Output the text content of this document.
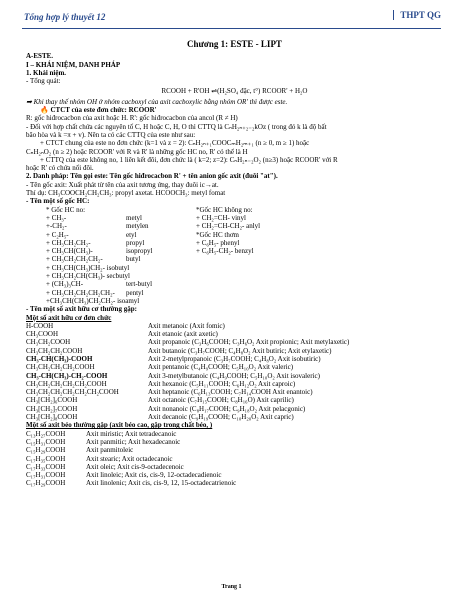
Tổng hợp lý thuyết 12	THPT QG
Chương 1: ESTE - LIPT
A-ESTE.
I – KHÁI NIỆM, DANH PHÁP
1. Khái niệm.
- Tổng quát:
RCOOH + R'OH ⇌(H₂SO₄ đặc, t°) RCOOR' + H₂O
➡ Khi thay thế nhóm OH ở nhóm cacboxyl của axit cacboxylic bằng nhóm OR' thì được este.
🔥 CTCT của este đơn chức: RCOOR'
R: gốc hiđrocacbon của axit hoặc H. R': gốc hiđrocacbon của ancol (R ≠ H)
- Đối với hợp chất chứa các nguyên tố C, H hoặc C, H, O thì CTTQ là CₙH₂ₙ₊₂₋₂kOz ( trong đó k là độ bất
bão hòa và k =π + v). Nên ta có các CTTQ của este như sau:
+ CTCT chung của este no đơn chức (k=1 và z = 2): CₙH₂ₙ₊₁COOCₘH₂ₘ₊₁ (n ≥ 0, m ≥ 1) hoặc
CₙH₂ₙO₂ (n ≥ 2) hoặc RCOOR' với R và R' là những gốc HC no, R' có thể là H
+ CTTQ của este không no, 1 liên kết đôi, đơn chức là ( k=2; z=2): CₙH₂ₙ₋₂O₂ (n≥3) hoặc RCOOR' với R
hoặc R' có chứa nối đôi.
2. Danh pháp: Tên gọi este: Tên gốc hiđrocacbon R' + tên anion gốc axit (đuôi "at").
- Tên gốc axit: Xuất phát từ tên của axit tương ứng, thay đuôi ic→at.
Thí dụ: CH₃COOCH₂CH₂CH₃: propyl axetat. HCOOCH₃: metyl fomat
- Tên một số gốc HC:
* Gốc HC no:
+ CH₃-	metyl
+-CH₂-	metylen
+ C₂H₅-	etyl
+ CH₃CH₂CH₂-	propyl
+ CH₃CH(CH₃)-	isopropyl
+ CH₃CH₂CH₂CH₂-	butyl
+ CH₃CH(CH₃)CH₂- isobutyl
+ CH₃CH₂CH(CH₃)- secbutyl
+ (CH₃)₃CH-	tert-butyl
+ CH₃CH₂CH₂CH₂CH₂-	pentyl
+CH₃CH(CH₃)CH₂CH₂- isoamyl
*Gốc HC không no:
+ CH₂=CH- vinyl
+ CH₂=CH-CH₂- anlyl
*Gốc HC thơm
+ C₆H₅- phenyl
+ C₆H₅-CH₂- benzyl
- Tên một số axit hữu cơ thường gặp:
Một số axit hữu cơ đơn chức
H-COOH	Axit metanoic (Axit fomic)
CH₃COOH	Axit etanoic (axit axetic)
CH₃CH₂COOH	Axit propanoic (C₃H₆COOH; C₃H₆O₂ Axit propionic; Axit metylaxetic)
CH₃CH₂CH₂COOH	Axit butanoic (C₃H₇COOH; C₄H₈O₂ Axit butiric; Axit etylaxetic)
CH₃-CH(CH₃)-COOH	Axit 2-metylpropanoic (C₃H₇COOH; C₄H₈O₂ Axit isobutiric)
CH₃CH₂CH₂CH₂COOH	Axit pentanoic (C₄H₉COOH; C₅H₁₀O₂ Axit valeric)
CH₃-CH(CH₃)-CH₂-COOH	Axit 3-metylbutanoic (C₄H₉COOH; C₅H₁₀O₂ Axit isovaleric)
CH₃CH₂CH₂CH₂CH₂COOH	Axit hexanoic (C₅H₁₁COOH; C₆H₁₂O₂ Axit caproic)
CH₃CH₂CH₂CH₂CH₂CH₂COOH	Axit heptanoic (C₆H₁₃COOH; C₇H₁₄COOH Axit enantoic)
CH₃[CH₂]₆COOH	Axit octanoic (C₇H₁₅COOH; C₈H₁₆O) Axit caprilic)
CH₃[CH₂]₇COOH	Axit nonanoic (C₈H₁₇COOH; C₉H₁₈O₂ Axit pelacgonic)
CH₃[CH₂]₈COOH	Axit decanoic (C₉H₁₉COOH; C₁₀H₂₀O₂ Axit capric)
Một số axit béo thường gặp (axit béo cao, gặp trong chất béo, )
C₁₃H₂₇COOH	Axit miristic; Axit tetradecanoic
C₁₅H₃₁COOH	Axit panmitic; Axit hexadecanoic
C₁₅H₂₉COOH	Axit panmitoleic
C₁₇H₃₅COOH	Axit stearic; Axit octadecanoic
C₁₇H₃₃COOH	Axit oleic; Axit cis-9-octadecenoic
C₁₇H₃₁COOH	Axit linoleic; Axit cis, cis-9, 12-octadecadienoic
C₁₇H₂₉COOH	Axit linolenic; Axit cis, cis-9, 12, 15-octadecatrienoic
Trang 1
